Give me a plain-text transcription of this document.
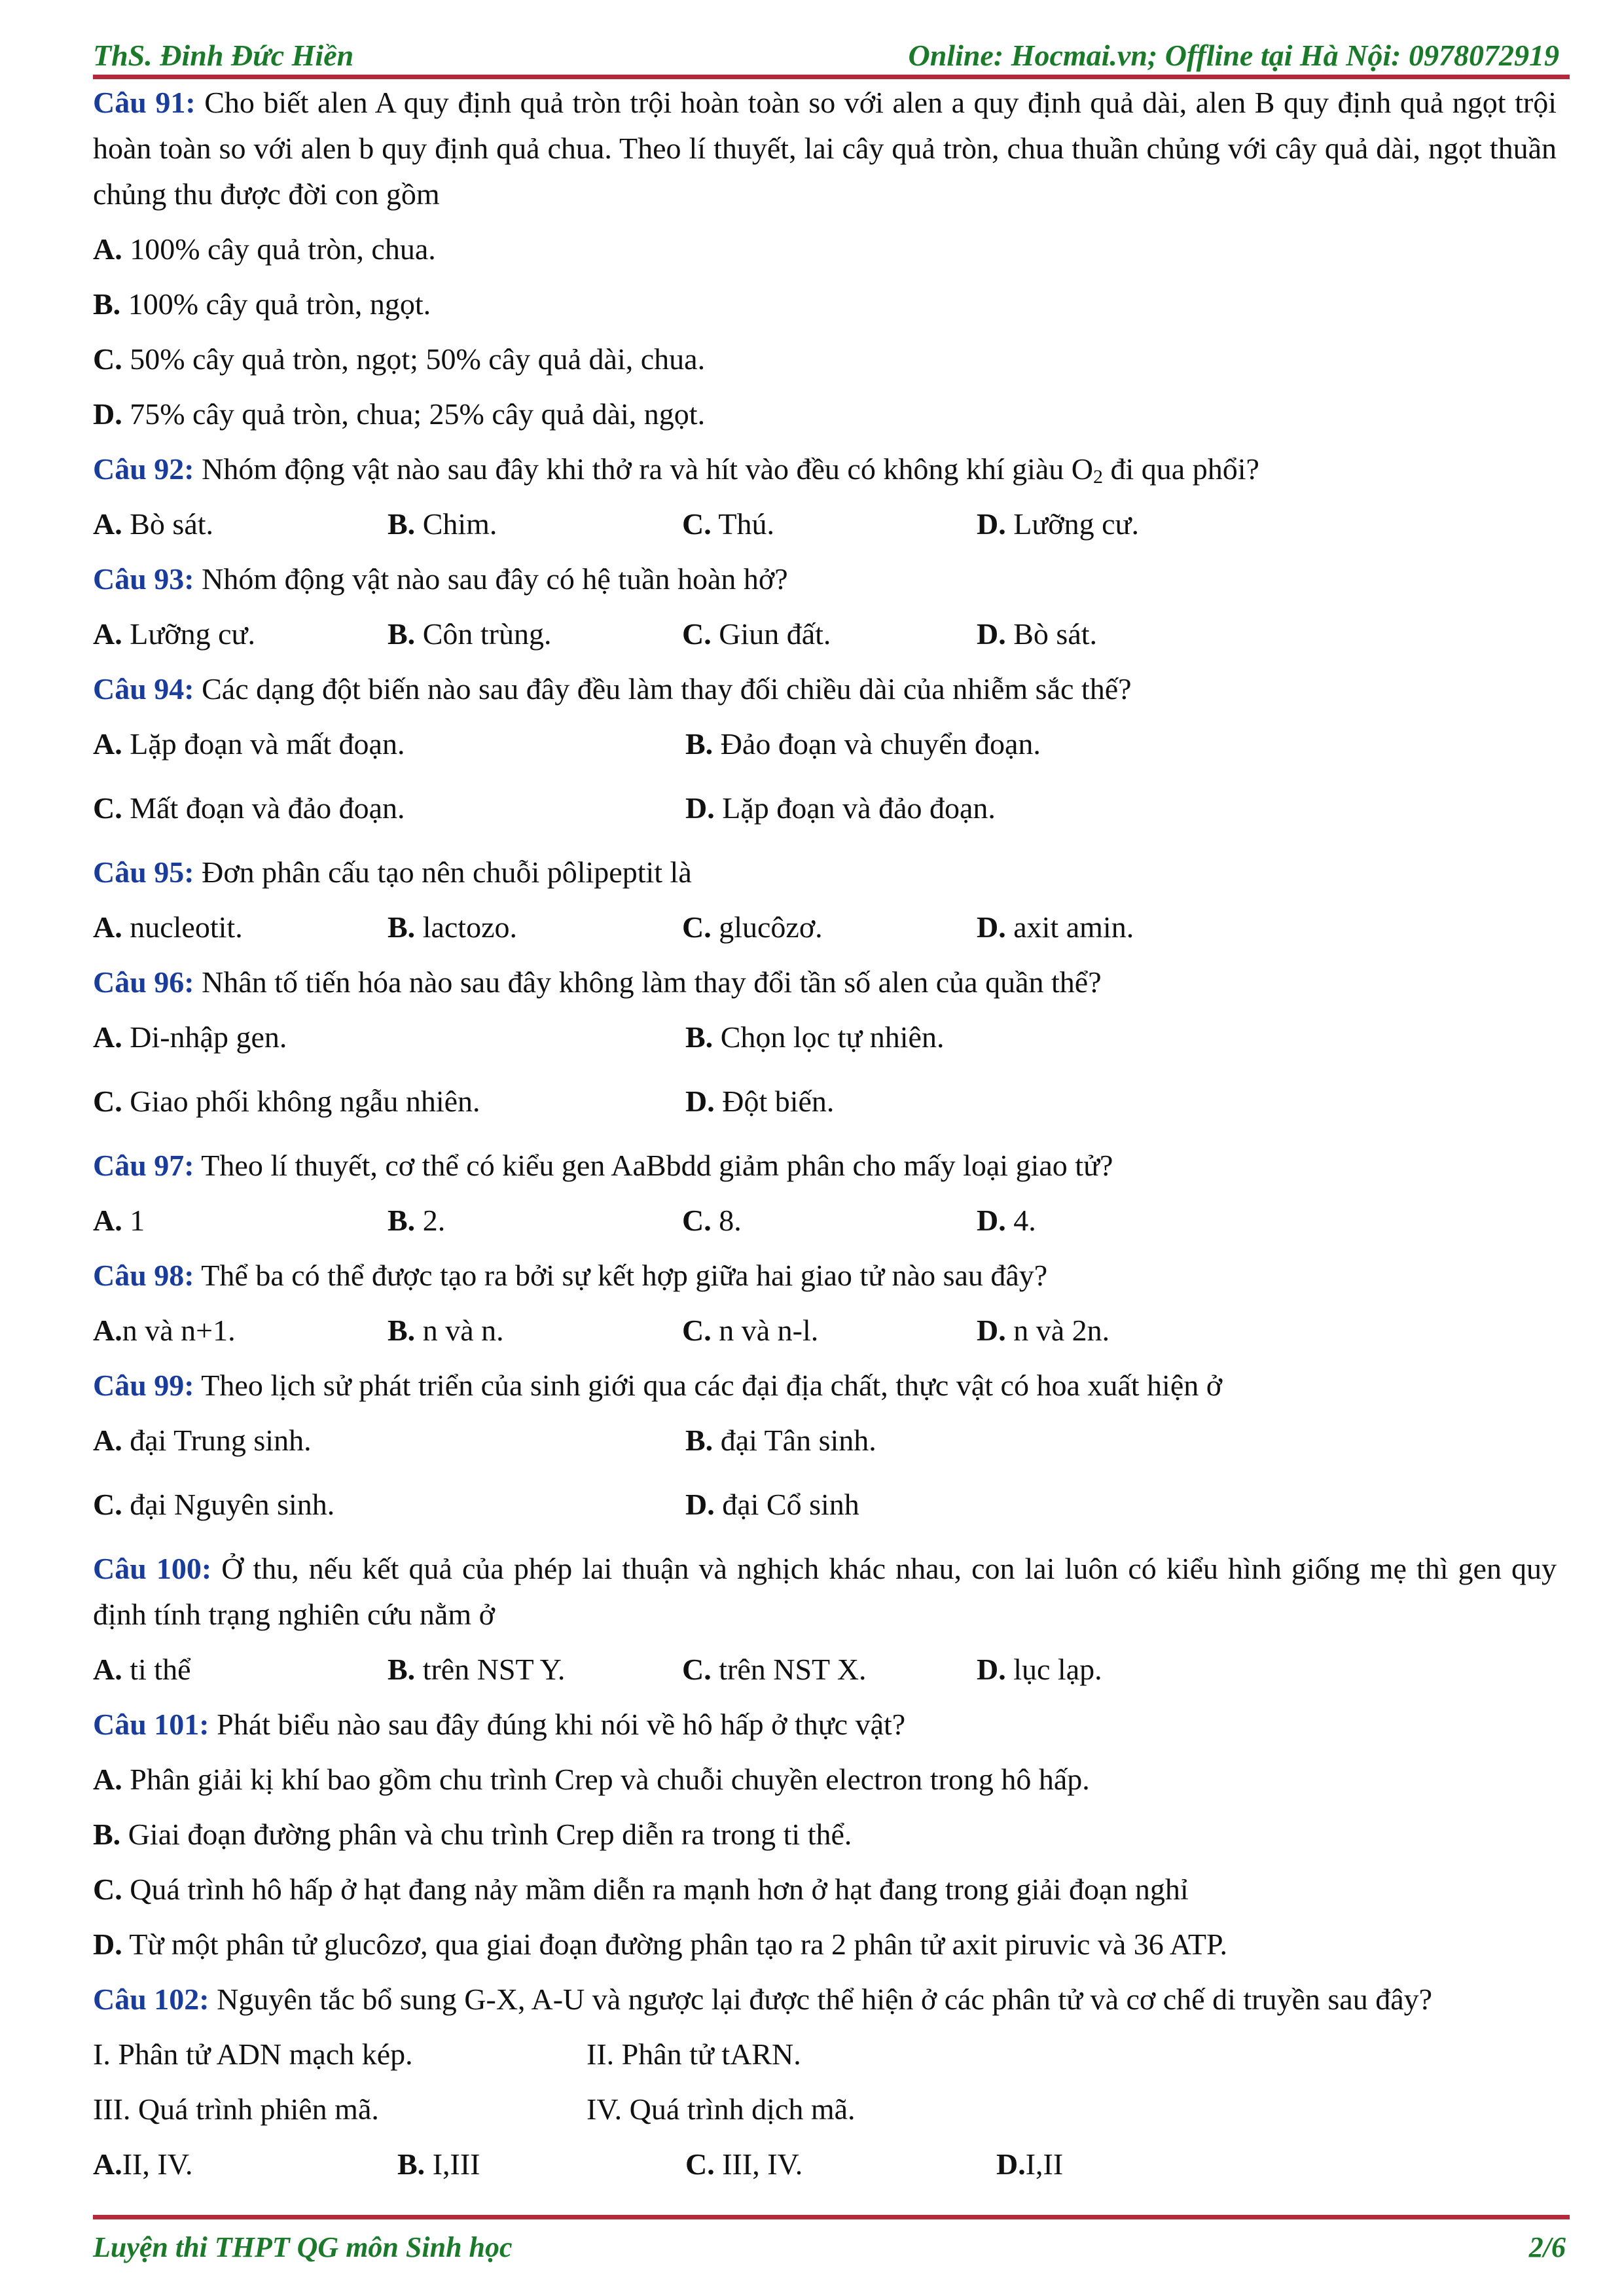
ThS. Đinh Đức Hiền	Online: Hocmai.vn; Offline tại Hà Nội: 0978072919

Câu 91: Cho biết alen A quy định quả tròn trội hoàn toàn so với alen a quy định quả dài, alen B quy định quả ngọt trội hoàn toàn so với alen b quy định quả chua. Theo lí thuyết, lai cây quả tròn, chua thuần chủng với cây quả dài, ngọt thuần chủng thu được đời con gồm

A. 100% cây quả tròn, chua.
B. 100% cây quả tròn, ngọt.
C. 50% cây quả tròn, ngọt; 50% cây quả dài, chua.
D. 75% cây quả tròn, chua; 25% cây quả dài, ngọt.

Câu 92: Nhóm động vật nào sau đây khi thở ra và hít vào đều có không khí giàu $O_2$ đi qua phổi?

A. Bò sát.	B. Chim.	C. Thú.	D. Lưỡng cư.

Câu 93: Nhóm động vật nào sau đây có hệ tuần hoàn hở?

A. Lưỡng cư.	B. Côn trùng.	C. Giun đất.	D. Bò sát.

Câu 94: Các dạng đột biến nào sau đây đều làm thay đối chiều dài của nhiễm sắc thế?

A. Lặp đoạn và mất đoạn.	B. Đảo đoạn và chuyển đoạn.
C. Mất đoạn và đảo đoạn.	D. Lặp đoạn và đảo đoạn.

Câu 95: Đơn phân cấu tạo nên chuỗi pôlipeptit là

A. nucleotit.	B. lactozo.	C. glucôzơ.	D. axit amin.

Câu 96: Nhân tố tiến hóa nào sau đây không làm thay đổi tần số alen của quần thể?

A. Di-nhập gen.	B. Chọn lọc tự nhiên.
C. Giao phối không ngẫu nhiên.	D. Đột biến.

Câu 97: Theo lí thuyết, cơ thể có kiểu gen AaBbdd giảm phân cho mấy loại giao tử?

A. 1	B. 2.	C. 8.	D. 4.

Câu 98: Thể ba có thể được tạo ra bởi sự kết hợp giữa hai giao tử nào sau đây?

A.n và n+1.	B. n và n.	C. n và n-l.	D. n và 2n.

Câu 99: Theo lịch sử phát triển của sinh giới qua các đại địa chất, thực vật có hoa xuất hiện ở

A. đại Trung sinh.	B. đại Tân sinh.
C. đại Nguyên sinh.	D. đại Cổ sinh

Câu 100: Ở thu, nếu kết quả của phép lai thuận và nghịch khác nhau, con lai luôn có kiểu hình giống mẹ thì gen quy định tính trạng nghiên cứu nằm ở

A. ti thể	B. trên NST Y.	C. trên NST X.	D. lục lạp.

Câu 101: Phát biểu nào sau đây đúng khi nói về hô hấp ở thực vật?

A. Phân giải kị khí bao gồm chu trình Crep và chuỗi chuyền electron trong hô hấp.
B. Giai đoạn đường phân và chu trình Crep diễn ra trong ti thể.
C. Quá trình hô hấp ở hạt đang nảy mầm diễn ra mạnh hơn ở hạt đang trong giải đoạn nghỉ
D. Từ một phân tử glucôzơ, qua giai đoạn đường phân tạo ra 2 phân tử axit piruvic và 36 ATP.

Câu 102: Nguyên tắc bổ sung G-X, A-U và ngược lại được thể hiện ở các phân tử và cơ chế di truyền sau đây?

I. Phân tử ADN mạch kép.	II. Phân tử tARN.
III. Quá trình phiên mã.	IV. Quá trình dịch mã.
A.II, IV.	B. I,III	C. III, IV.	D.I,II
Luyện thi THPT QG môn Sinh học	2/6
